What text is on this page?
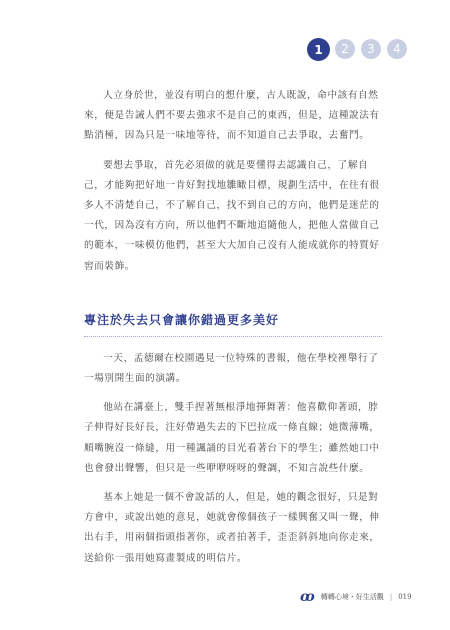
1	2	3	4

人立身於世，並沒有明白的想什麼，古人既說，命中該有自然來，便是告誡人們不要去強求不是自己的東西，但是，這種說法有點消極，因為只是一味地等待，而不知道自己去爭取，去奮鬥。

要想去爭取，首先必須做的就是要懂得去認識自己，了解自己，才能夠把好地一肯好對找地雛瞰目標，規劃生活中，在往有很多人不清楚自己，不了解自己，找不到自己的方向，他們是迷茫的一代，因為沒有方向，所以他們不斷地追隨他人，把他人當做自己的範本，一味模仿他們，甚至大大加自己沒有人能成就你的特質好窖而裝飾。

專注於失去只會讓你錯過更多美好

一天，孟德爾在校園遇見一位特殊的書報，他在學校裡舉行了一場別開生面的演講。

他站在講臺上，雙手捏著無根淨地揮舞著：他喜歡仰著頭，脖子伸得好長好長，注好帶過失去的下巴拉成一條直線；她微薄嘴，順嘴腕沒一條縫，用一種諷誦的目光看著台下的學生；雖然她口中也會發出聲響，但只是一些咿咿呀呀的聲調，不知言說些什麼。

基本上她是一個不會說話的人，但是，她的觀念很好，只是對方會中，或說出她的意見，她就會像個孩子一樣興奮又叫一聲，伸出右手，用兩個指頭指著你，或者拍著手，歪歪斜斜地向你走來，送給你一張用她寫畫製成的明信片。

ꝏ 轉轉心境・好生活觀 | 019
